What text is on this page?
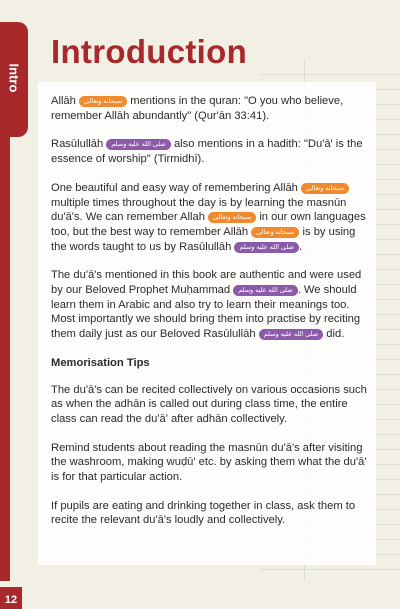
Intro
Introduction

Allāh سبحانه وتعالى mentions in the quran: "O you who believe, remember Allāh abundantly" (Qur'ān 33:41).

Rasūlullāh صلى الله عليه وسلم also mentions in a hadith: "Du'ā' is the essence of worship" (Tirmidhī).

One beautiful and easy way of remembering Allāh سبحانه وتعالى multiple times throughout the day is by learning the masnūn du'ā's. We can remember Allah سبحانه وتعالى in our own languages too, but the best way to remember Allāh سبحانه وتعالى is by using the words taught to us by Rasūlullāh صلى الله عليه وسلم .

The du'ā's mentioned in this book are authentic and were used by our Beloved Prophet Muḥammad صلى الله عليه وسلم . We should learn them in Arabic and also try to learn their meanings too. Most importantly we should bring them into practise by reciting them daily just as our Beloved Rasūlullāh صلى الله عليه وسلم did.

Memorisation Tips

The du'ā's can be recited collectively on various occasions such as when the adhān is called out during class time, the entire class can read the du'ā' after adhān collectively.

Remind students about reading the masnūn du'ā's after visiting the washroom, making wuḍū' etc. by asking them what the du'ā' is for that particular action.

If pupils are eating and drinking together in class, ask them to recite the relevant du'ā's loudly and collectively.

12
